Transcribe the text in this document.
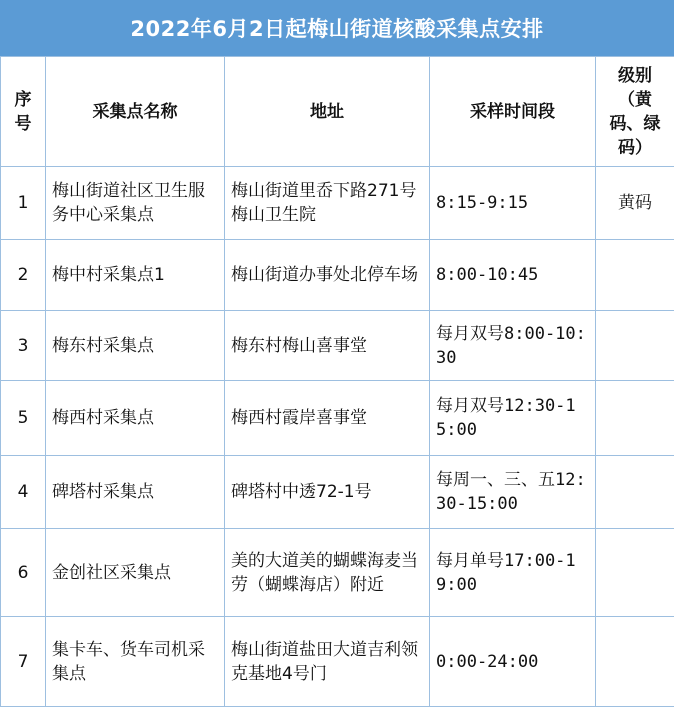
2022年6月2日起梅山街道核酸采集点安排
序号	采集点名称	地址	采样时间段	级别（黄码、绿码）
1	梅山街道社区卫生服务中心采集点	梅山街道里岙下路271号梅山卫生院	8:15-9:15	黄码
2	梅中村采集点1	梅山街道办事处北停车场	8:00-10:45	
3	梅东村采集点	梅东村梅山喜事堂	每月双号8:00-10:30	
5	梅西村采集点	梅西村霞岸喜事堂	每月双号12:30-15:00	
4	碑塔村采集点	碑塔村中透72-1号	每周一、三、五12:30-15:00	
6	金创社区采集点	美的大道美的蝴蝶海麦当劳（蝴蝶海店）附近	每月单号17:00-19:00	
7	集卡车、货车司机采集点	梅山街道盐田大道吉利领克基地4号门	0:00-24:00	
